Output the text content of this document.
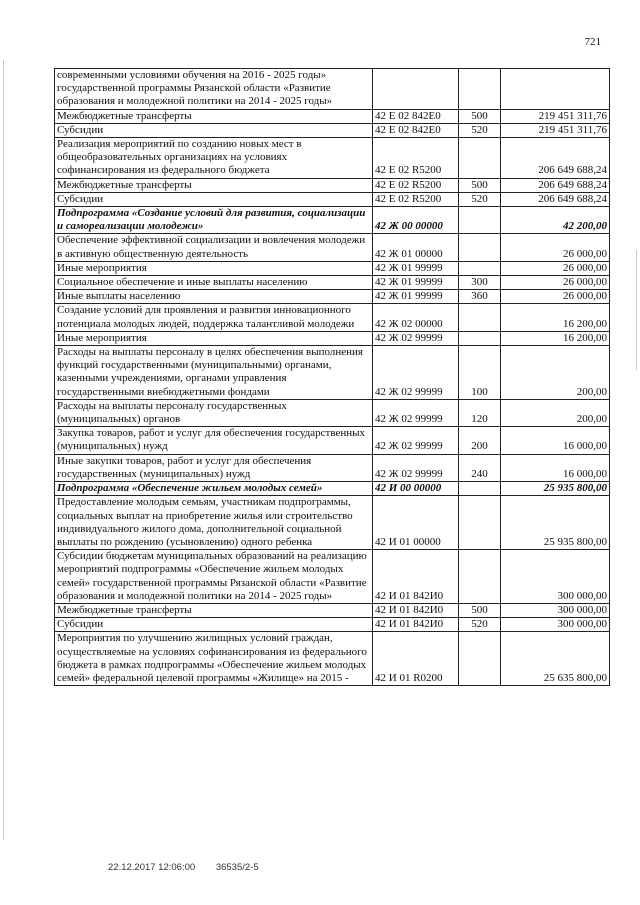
721
современными условиями обучения на 2016 - 2025 годы» государственной программы Рязанской области «Развитие образования и молодежной политики на 2014 - 2025 годы»			
Межбюджетные трансферты	42 Е 02 842Е0	500	219 451 311,76
Субсидии	42 Е 02 842Е0	520	219 451 311,76
Реализация мероприятий по созданию новых мест в общеобразовательных организациях на условиях софинансирования из федерального бюджета	42 Е 02 R5200		206 649 688,24
Межбюджетные трансферты	42 Е 02 R5200	500	206 649 688,24
Субсидии	42 Е 02 R5200	520	206 649 688,24
Подпрограмма «Создание условий для развития, социализации и самореализации молодежи»	42 Ж 00 00000		42 200,00
Обеспечение эффективной социализации и вовлечения молодежи в активную общественную деятельность	42 Ж 01 00000		26 000,00
Иные мероприятия	42 Ж 01 99999		26 000,00
Социальное обеспечение и иные выплаты населению	42 Ж 01 99999	300	26 000,00
Иные выплаты населению	42 Ж 01 99999	360	26 000,00
Создание условий для проявления и развития инновационного потенциала молодых людей, поддержка талантливой молодежи	42 Ж 02 00000		16 200,00
Иные мероприятия	42 Ж 02 99999		16 200,00
Расходы на выплаты персоналу в целях обеспечения выполнения функций государственными (муниципальными) органами, казенными учреждениями, органами управления государственными внебюджетными фондами	42 Ж 02 99999	100	200,00
Расходы на выплаты персоналу государственных (муниципальных) органов	42 Ж 02 99999	120	200,00
Закупка товаров, работ и услуг для обеспечения государственных (муниципальных) нужд	42 Ж 02 99999	200	16 000,00
Иные закупки товаров, работ и услуг для обеспечения государственных (муниципальных) нужд	42 Ж 02 99999	240	16 000,00
Подпрограмма «Обеспечение жильем молодых семей»	42 И 00 00000		25 935 800,00
Предоставление молодым семьям, участникам подпрограммы, социальных выплат на приобретение жилья или строительство индивидуального жилого дома, дополнительной социальной выплаты по рождению (усыновлению) одного ребенка	42 И 01 00000		25 935 800,00
Субсидии бюджетам муниципальных образований на реализацию мероприятий подпрограммы «Обеспечение жильем молодых семей» государственной программы Рязанской области «Развитие образования и молодежной политики на 2014 - 2025 годы»	42 И 01 842И0		300 000,00
Межбюджетные трансферты	42 И 01 842И0	500	300 000,00
Субсидии	42 И 01 842И0	520	300 000,00
Мероприятия по улучшению жилищных условий граждан, осуществляемые на условиях софинансирования из федерального бюджета в рамках подпрограммы «Обеспечение жильем молодых семей» федеральной целевой программы «Жилище» на 2015 -	42 И 01 R0200		25 635 800,00
22.12.2017 12:06:00 36535/2-5
